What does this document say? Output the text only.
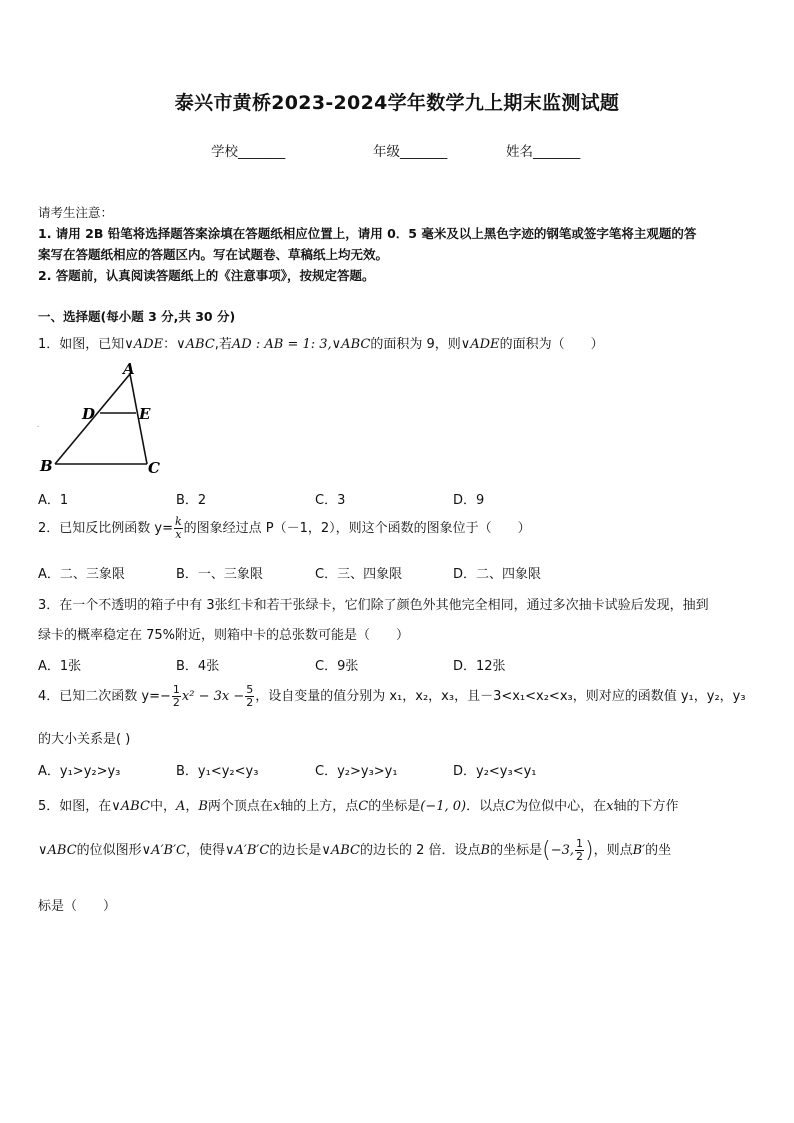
泰兴市黄桥2023-2024学年数学九上期末监测试题
学校_______	年级_______	姓名_______
请考生注意：
1. 请用 2B 铅笔将选择题答案涂填在答题纸相应位置上，请用 0．5 毫米及以上黑色字迹的钢笔或签字笔将主观题的答
案写在答题纸相应的答题区内。写在试题卷、草稿纸上均无效。
2. 答题前，认真阅读答题纸上的《注意事项》，按规定答题。
一、选择题(每小题 3 分,共 30 分)
1．如图，已知∨ADE：∨ABC,若AD : AB = 1: 3,∨ABC的面积为 9，则∨ADE的面积为（　　）
A
D	E
B	C
A．1	B．2	C．3	D．9
2．已知反比例函数 $y= \frac{k}{x}$ 的图象经过点 P（－1，2），则这个函数的图象位于（　　）
A．二、三象限	B．一、三象限	C．三、四象限	D．二、四象限
3．在一个不透明的箱子中有 3张红卡和若干张绿卡，它们除了颜色外其他完全相同，通过多次抽卡试验后发现，抽到
绿卡的概率稳定在 75%附近，则箱中卡的总张数可能是（　　）
A．1张	B．4张	C．9张	D．12张
4．已知二次函数 $y=- \frac{1}{2} x^2 - 3x - \frac{5}{2}$ ，设自变量的值分别为 x₁，x₂，x₃，且－3<x₁<x₂<x₃，则对应的函数值 y₁，y₂，y₃
的大小关系是( )
A．y₁>y₂>y₃	B．y₁<y₂<y₃	C．y₂>y₃>y₁	D．y₂<y₃<y₁
5．如图，在∨ABC中，A，B两个顶点在x轴的上方，点C的坐标是(−1, 0)．以点C为位似中心，在x轴的下方作
∨ABC的位似图形∨A′B′C，使得∨A′B′C的边长是∨ABC的边长的 2 倍．设点B的坐标是(−3, $\frac{1}{2}$ )，则点B′的坐
标是（　　）
